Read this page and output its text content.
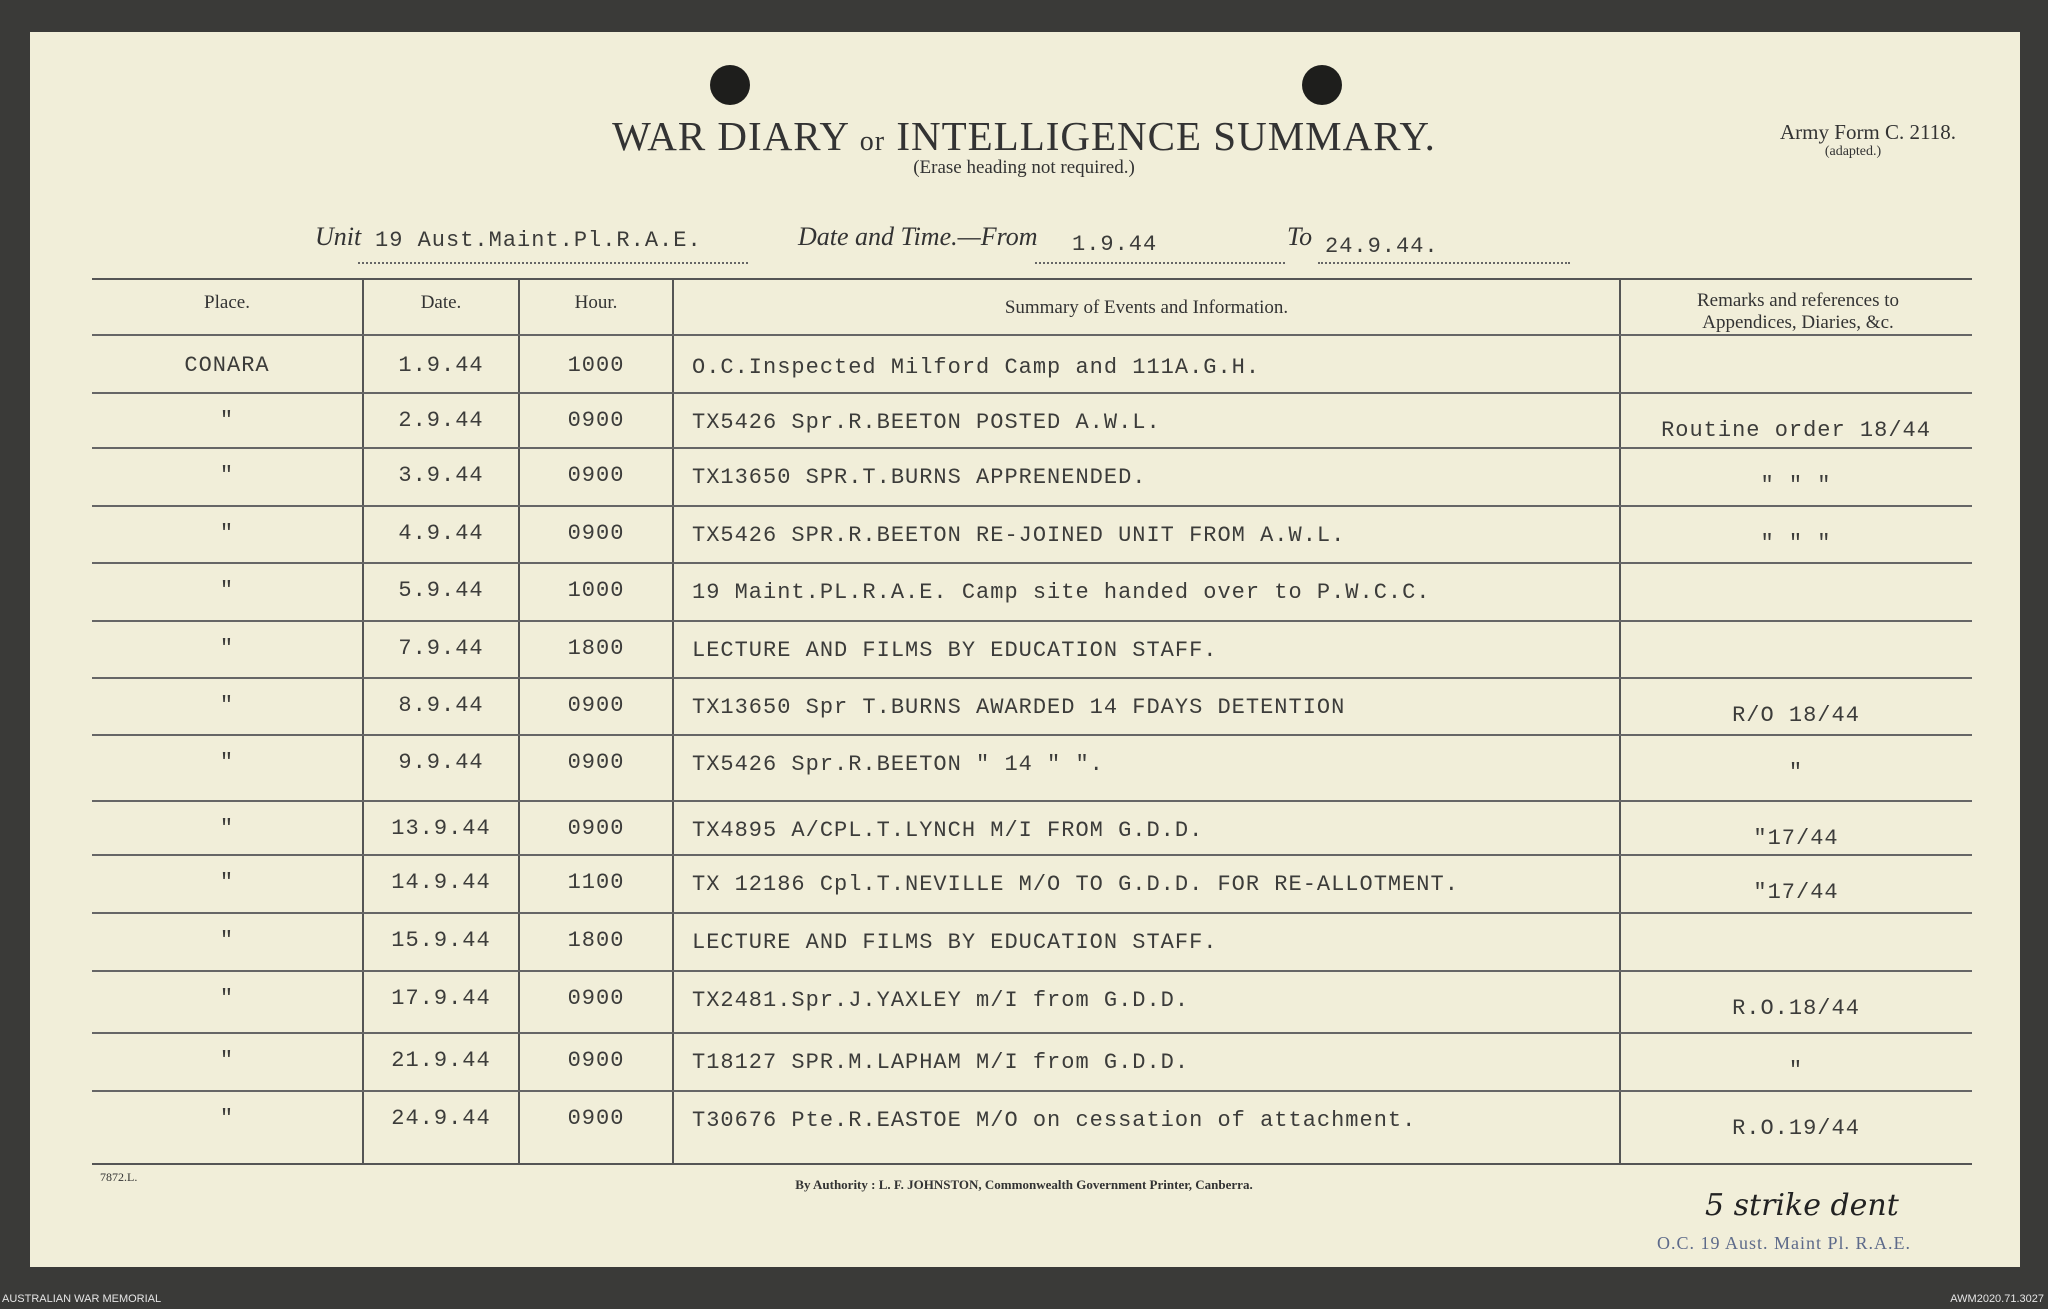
WAR DIARY or INTELLIGENCE SUMMARY.
(Erase heading not required.)
Army Form C. 2118.
(adapted.)
Unit 19 Aust.Maint.Pl.R.A.E.	Date and Time.—From 1.9.44	To 24.9.44.
Place.	Date.	Hour.	Summary of Events and Information.	Remarks and references to Appendices, Diaries, &c.
CONARA	1.9.44	1000	O.C.Inspected Milford Camp and 111A.G.H.
"	2.9.44	0900	TX5426 Spr.R.BEETON POSTED A.W.L.	Routine order 18/44
"	3.9.44	0900	TX13650 SPR.T.BURNS APPRENENDED.	" " "
"	4.9.44	0900	TX5426 SPR.R.BEETON RE-JOINED UNIT FROM A.W.L.	" " "
"	5.9.44	1000	19 Maint.PL.R.A.E. Camp site handed over to P.W.C.C.
"	7.9.44	1800	LECTURE AND FILMS BY EDUCATION STAFF.
"	8.9.44	0900	TX13650 Spr T.BURNS AWARDED 14 FDAYS DETENTION	R/O 18/44
"	9.9.44	0900	TX5426 Spr.R.BEETON " 14 " ".	"
"	13.9.44	0900	TX4895 A/CPL.T.LYNCH M/I FROM G.D.D.	"17/44
"	14.9.44	1100	TX 12186 Cpl.T.NEVILLE M/O TO G.D.D. FOR RE-ALLOTMENT.	"17/44
"	15.9.44	1800	LECTURE AND FILMS BY EDUCATION STAFF.
"	17.9.44	0900	TX2481.Spr.J.YAXLEY m/I from G.D.D.	R.O.18/44
"	21.9.44	0900	T18127 SPR.M.LAPHAM M/I from G.D.D.	"
"	24.9.44	0900	T30676 Pte.R.EASTOE M/O on cessation of attachment.	R.O.19/44
7872.L.	By Authority : L. F. JOHNSTON, Commonwealth Government Printer, Canberra.
5 strike dent
O.C. 19 Aust. Maint Pl. R.A.E.
AUSTRALIAN WAR MEMORIAL	AWM2020.71.3027
